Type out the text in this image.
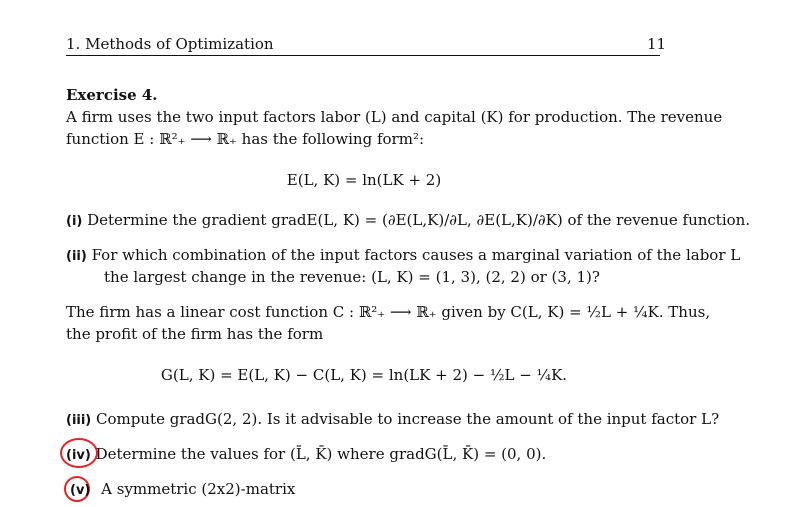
1. Methods of Optimization	11
Exercise 4.
A firm uses the two input factors labor (L) and capital (K) for production. The revenue
function E : ℝ²₊ ⟶ ℝ₊ has the following form²:
E(L, K) = ln(LK + 2)
(i) Determine the gradient gradE(L, K) = (∂E(L,K)/∂L, ∂E(L,K)/∂K) of the revenue function.
(ii) For which combination of the input factors causes a marginal variation of the labor L
the largest change in the revenue: (L, K) = (1, 3), (2, 2) or (3, 1)?
The firm has a linear cost function C : ℝ²₊ ⟶ ℝ₊ given by C(L, K) = ½L + ¼K. Thus,
the profit of the firm has the form
G(L, K) = E(L, K) − C(L, K) = ln(LK + 2) − ½L − ¼K.
(iii) Compute gradG(2, 2). Is it advisable to increase the amount of the input factor L?
(iv) Determine the values for (L̄, K̄) where gradG(L̄, K̄) = (0, 0).
(v) A symmetric (2x2)-matrix
